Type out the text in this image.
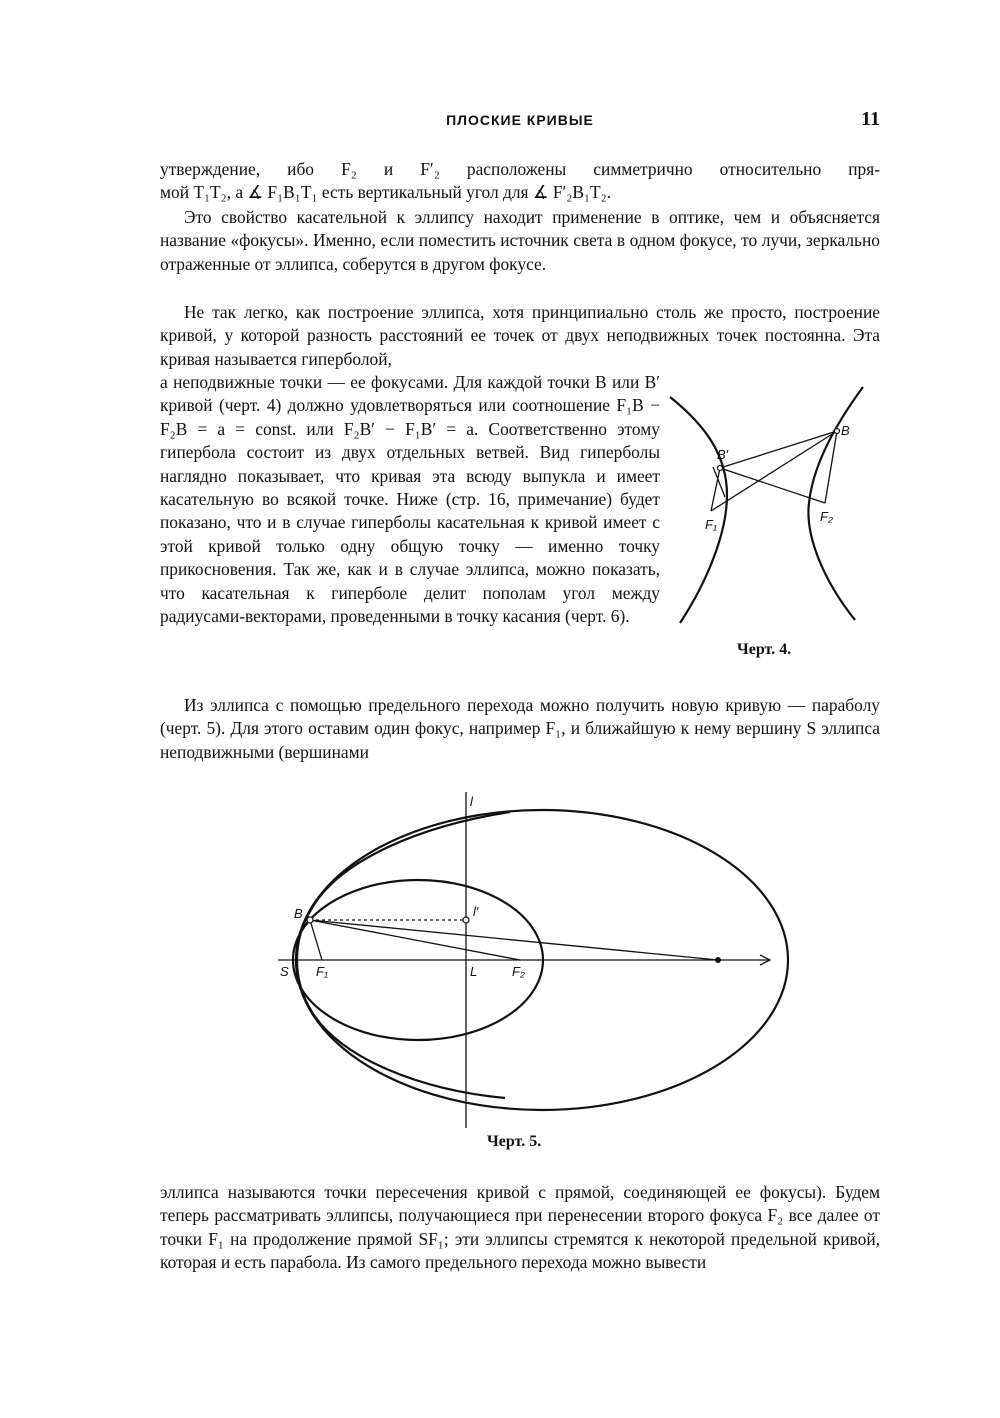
ПЛОСКИЕ КРИВЫЕ	11

утверждение, ибо F₂ и F′₂ расположены симметрично относительно пря-

мой T₁T₂, а ∡ F₁B₁T₁ есть вертикальный угол для ∡ F′₂B₁T₂.

Это свойство касательной к эллипсу находит применение в оптике, чем и объясняется название «фокусы». Именно, если поместить источник света в одном фокусе, то лучи, зеркально отраженные от эллипса, соберутся в другом фокусе.
Не так легко, как построение эллипса, хотя принципиально столь же просто, построение кривой, у которой разность расстояний ее точек от двух неподвижных точек постоянна. Эта кривая называется гиперболой,
а неподвижные точки — ее фокусами. Для каждой точки B или B′ кривой (черт. 4) должно удовлетворяться или соотношение F₁B − F₂B = a = const. или F₂B′ − F₁B′ = a. Соответственно этому гипербола состоит из двух отдельных ветвей. Вид гиперболы наглядно показывает, что кривая эта всюду выпукла и имеет касательную во всякой точке. Ниже (стр. 16, примечание) будет показано, что и в случае гиперболы касательная к кривой имеет с этой кривой только одну общую точку — именно точку прикосновения. Так же, как и в случае эллипса, можно показать, что касательная к гиперболе делит пополам угол между радиусами-векторами, проведенными в точку касания (черт. 6).
B
B′
F₁
F₂
Черт. 4.
Из эллипса с помощью предельного перехода можно получить новую кривую — параболу (черт. 5). Для этого оставим один фокус, например F₁, и ближайшую к нему вершину S эллипса неподвижными (вершинами
l
l′
B
S F₁	L	F₂
Черт. 5.
эллипса называются точки пересечения кривой с прямой, соединяющей ее фокусы). Будем теперь рассматривать эллипсы, получающиеся при перенесении второго фокуса F₂ все далее от точки F₁ на продолжение прямой SF₁; эти эллипсы стремятся к некоторой предельной кривой, которая и есть парабола. Из самого предельного перехода можно вывести
